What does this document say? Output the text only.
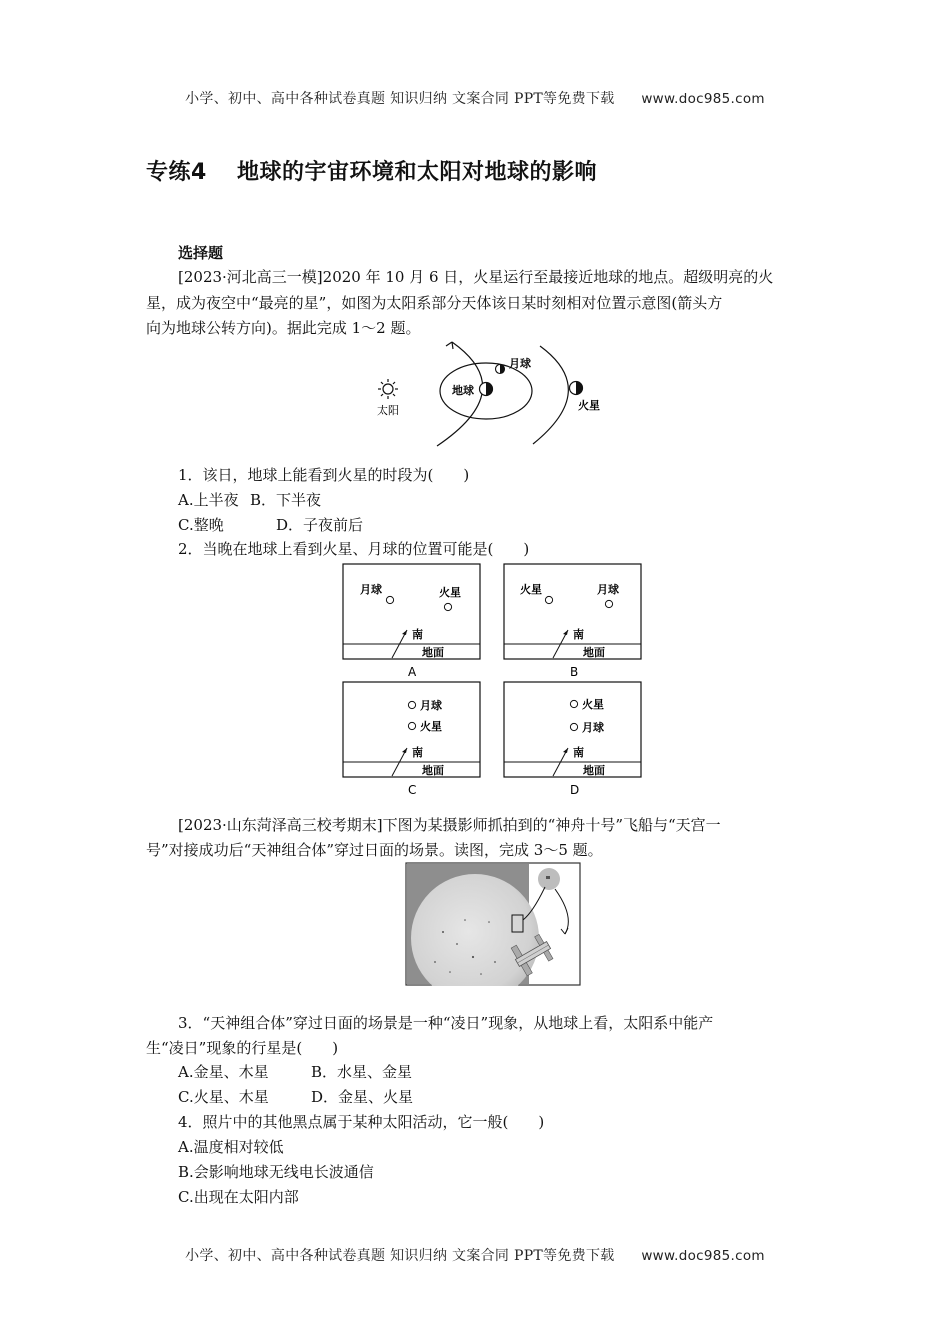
小学、初中、高中各种试卷真题 知识归纳 文案合同 PPT等免费下载 www.doc985.com
专练4 地球的宇宙环境和太阳对地球的影响
选择题
[2023·河北高三一模]2020 年 10 月 6 日，火星运行至最接近地球的地点。超级明亮的火
星，成为夜空中“最亮的星”，如图为太阳系部分天体该日某时刻相对位置示意图(箭头方
向为地球公转方向)。据此完成 1～2 题。
太阳
地球
月球
火星
1．该日，地球上能看到火星的时段为(　　)
A.上半夜 B．下半夜
C.整晚	D．子夜前后
2．当晚在地球上看到火星、月球的位置可能是(　　)
月球	火星
南
地面
A
火星	月球
南
地面
B
月球
火星
南
地面
C
火星
月球
南
地面
D
[2023·山东菏泽高三校考期末]下图为某摄影师抓拍到的“神舟十号”飞船与“天宫一
号”对接成功后“天神组合体”穿过日面的场景。读图，完成 3～5 题。
3．“天神组合体”穿过日面的场景是一种“凌日”现象，从地球上看，太阳系中能产
生“凌日”现象的行星是(　　)
A.金星、木星	B．水星、金星
C.火星、木星	D．金星、火星
4．照片中的其他黑点属于某种太阳活动，它一般(　　)
A.温度相对较低
B.会影响地球无线电长波通信
C.出现在太阳内部
小学、初中、高中各种试卷真题 知识归纳 文案合同 PPT等免费下载 www.doc985.com
